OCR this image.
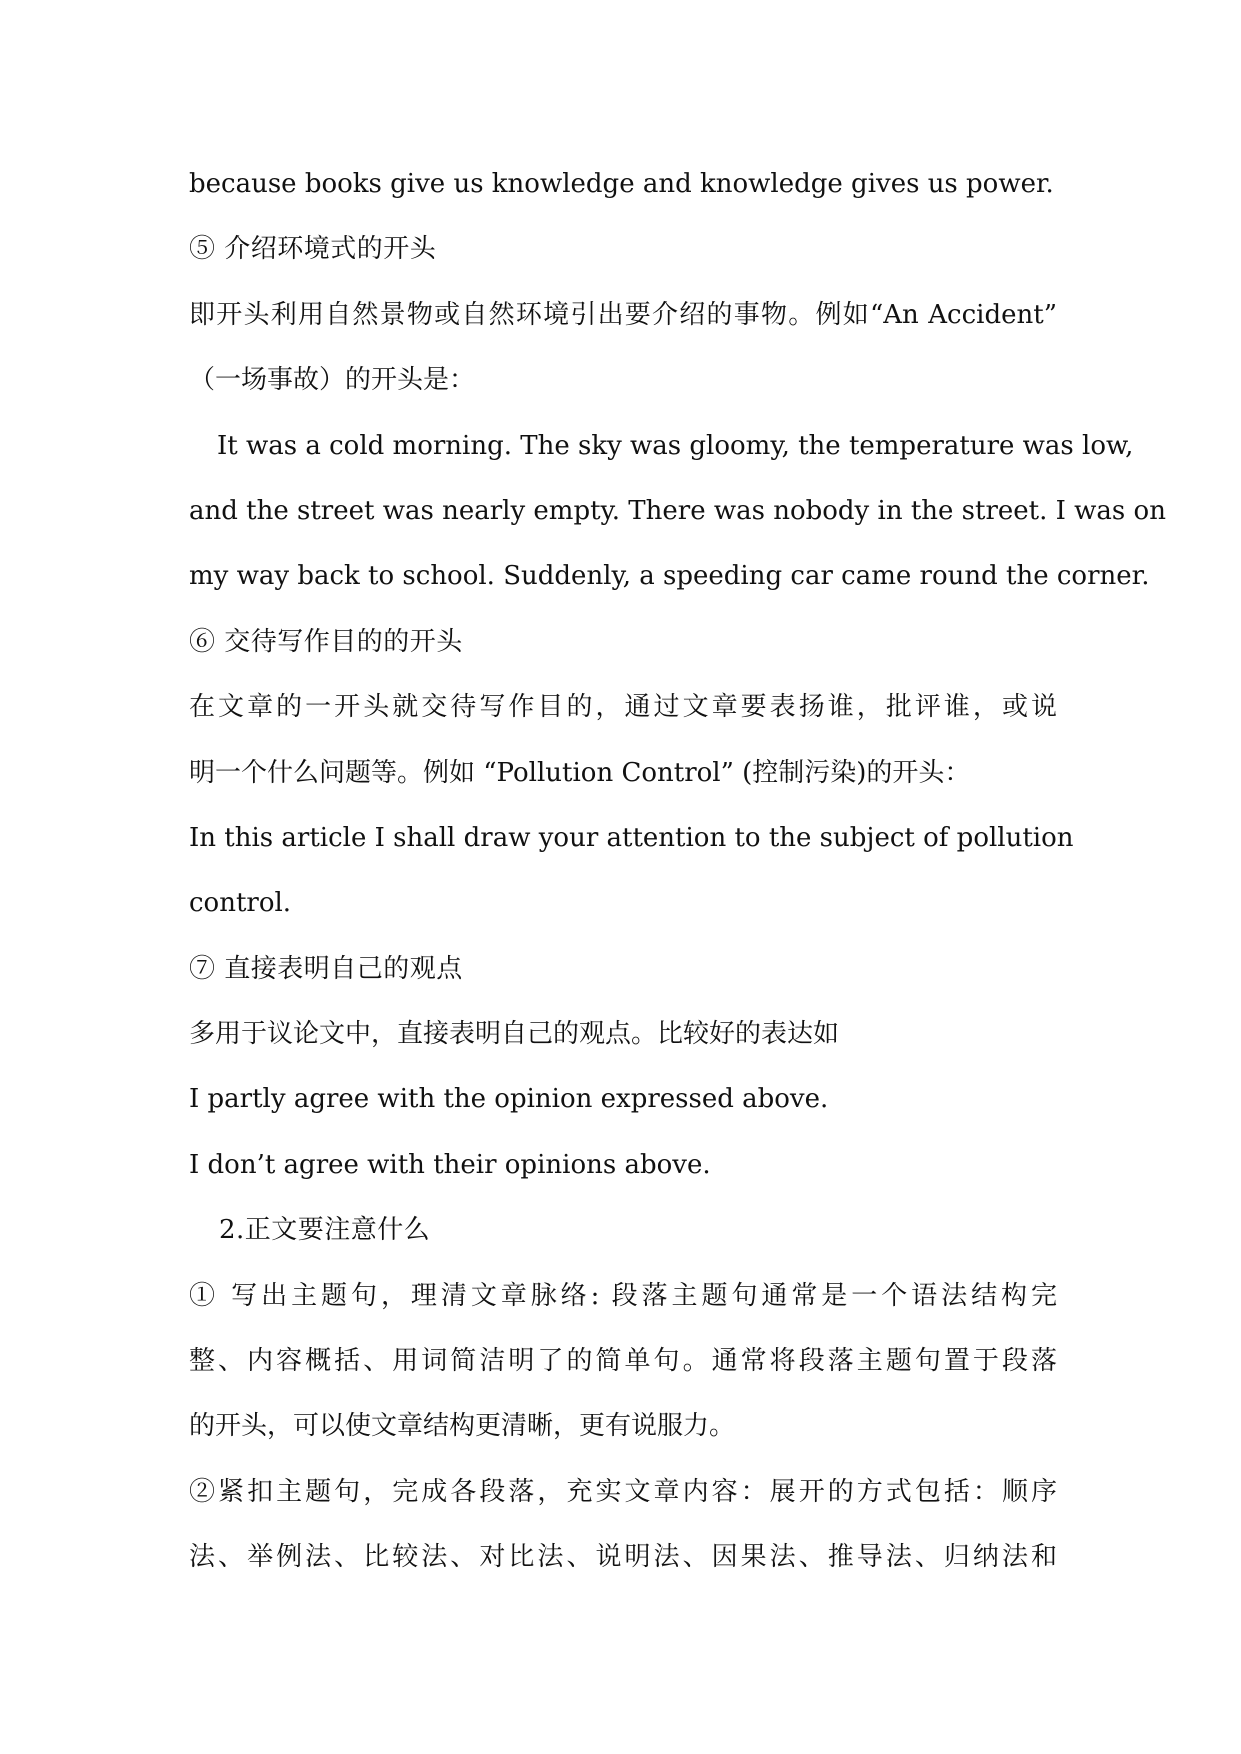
because books give us knowledge and knowledge gives us power.
⑤ 介绍环境式的开头
即开头利用自然景物或自然环境引出要介绍的事物。例如“An Accident”
（一场事故）的开头是：
It was a cold morning. The sky was gloomy, the temperature was low,
and the street was nearly empty. There was nobody in the street. I was on
my way back to school. Suddenly, a speeding car came round the corner.
⑥ 交待写作目的的开头
在文章的一开头就交待写作目的，通过文章要表扬谁，批评谁，或说
明一个什么问题等。例如 “Pollution Control” (控制污染)的开头：
In this article I shall draw your attention to the subject of pollution
control.
⑦ 直接表明自己的观点
多用于议论文中，直接表明自己的观点。比较好的表达如
I partly agree with the opinion expressed above.
I don’t agree with their opinions above.
2.正文要注意什么
① 写出主题句，理清文章脉络: 段落主题句通常是一个语法结构完
整、内容概括、用词简洁明了的简单句。通常将段落主题句置于段落
的开头，可以使文章结构更清晰，更有说服力。
②紧扣主题句，完成各段落，充实文章内容：展开的方式包括：顺序
法、举例法、比较法、对比法、说明法、因果法、推导法、归纳法和
